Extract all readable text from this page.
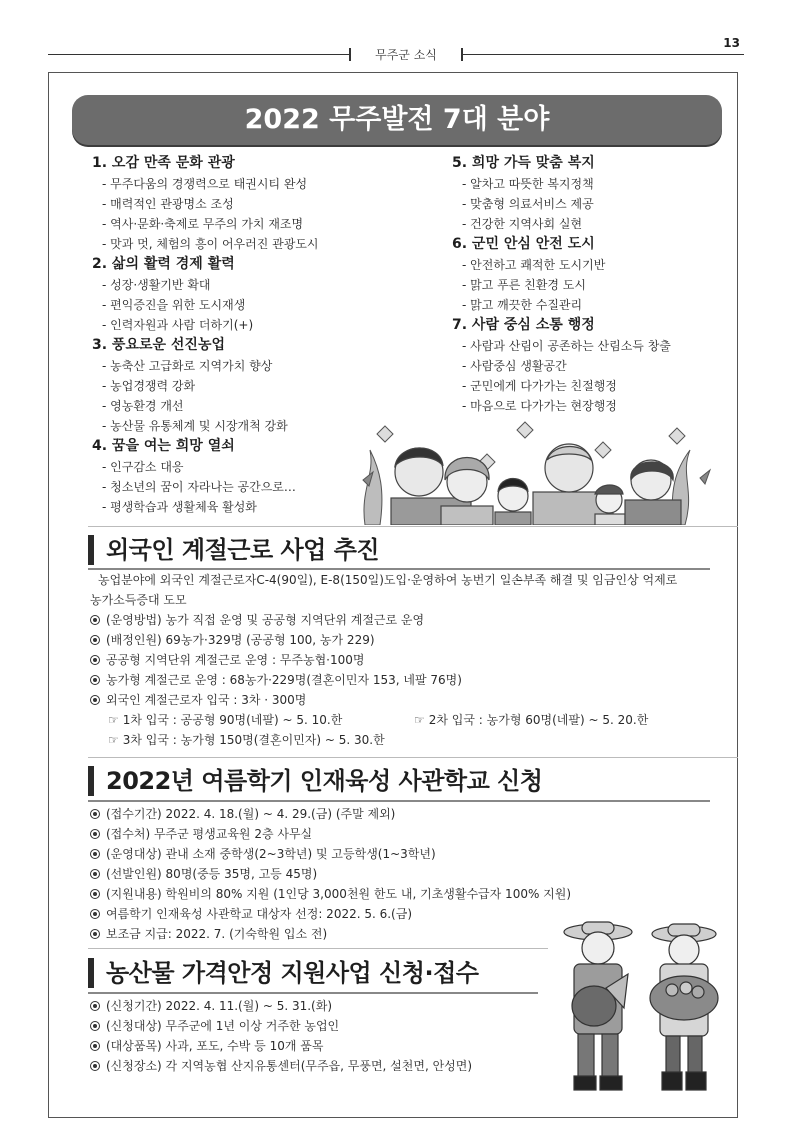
13
무주군 소식
2022 무주발전 7대 분야
1. 오감 만족 문화 관광
- 무주다움의 경쟁력으로 태권시티 완성
- 매력적인 관광명소 조성
- 역사·문화·축제로 무주의 가치 재조명
- 맛과 멋, 체험의 흥이 어우러진 관광도시
2. 삶의 활력 경제 활력
- 성장·생활기반 확대
- 편익증진을 위한 도시재생
- 인력자원과 사람 더하기(+)
3. 풍요로운 선진농업
- 농축산 고급화로 지역가치 향상
- 농업경쟁력 강화
- 영농환경 개선
- 농산물 유통체계 및 시장개척 강화
4. 꿈을 여는 희망 열쇠
- 인구감소 대응
- 청소년의 꿈이 자라나는 공간으로…
- 평생학습과 생활체육 활성화
5. 희망 가득 맞춤 복지
- 알차고 따뜻한 복지정책
- 맞춤형 의료서비스 제공
- 건강한 지역사회 실현
6. 군민 안심 안전 도시
- 안전하고 쾌적한 도시기반
- 맑고 푸른 친환경 도시
- 맑고 깨끗한 수질관리
7. 사람 중심 소통 행정
- 사람과 산림이 공존하는 산림소득 창출
- 사람중심 생활공간
- 군민에게 다가가는 친절행정
- 마음으로 다가가는 현장행정
외국인 계절근로 사업 추진
농업분야에 외국인 계절근로자C-4(90일), E-8(150일)도입·운영하여 농번기 일손부족 해결 및 임금인상 억제로
농가소득증대 도모
(운영방법) 농가 직접 운영 및 공공형 지역단위 계절근로 운영
(배정인원) 69농가·329명 (공공형 100, 농가 229)
공공형 지역단위 계절근로 운영 : 무주농협·100명
농가형 계절근로 운영 : 68농가·229명(결혼이민자 153, 네팔 76명)
외국인 계절근로자 입국 : 3차 · 300명
☞ 1차 입국 : 공공형 90명(네팔) ~ 5. 10.한	☞ 2차 입국 : 농가형 60명(네팔) ~ 5. 20.한
☞ 3차 입국 : 농가형 150명(결혼이민자) ~ 5. 30.한
2022년 여름학기 인재육성 사관학교 신청
(접수기간) 2022. 4. 18.(월) ~ 4. 29.(금) (주말 제외)
(접수처) 무주군 평생교육원 2층 사무실
(운영대상) 관내 소재 중학생(2~3학년) 및 고등학생(1~3학년)
(선발인원) 80명(중등 35명, 고등 45명)
(지원내용) 학원비의 80% 지원 (1인당 3,000천원 한도 내, 기초생활수급자 100% 지원)
여름학기 인재육성 사관학교 대상자 선정: 2022. 5. 6.(금)
보조금 지급: 2022. 7. (기숙학원 입소 전)
농산물 가격안정 지원사업 신청·접수
(신청기간) 2022. 4. 11.(월) ~ 5. 31.(화)
(신청대상) 무주군에 1년 이상 거주한 농업인
(대상품목) 사과, 포도, 수박 등 10개 품목
(신청장소) 각 지역농협 산지유통센터(무주읍, 무풍면, 설천면, 안성면)
